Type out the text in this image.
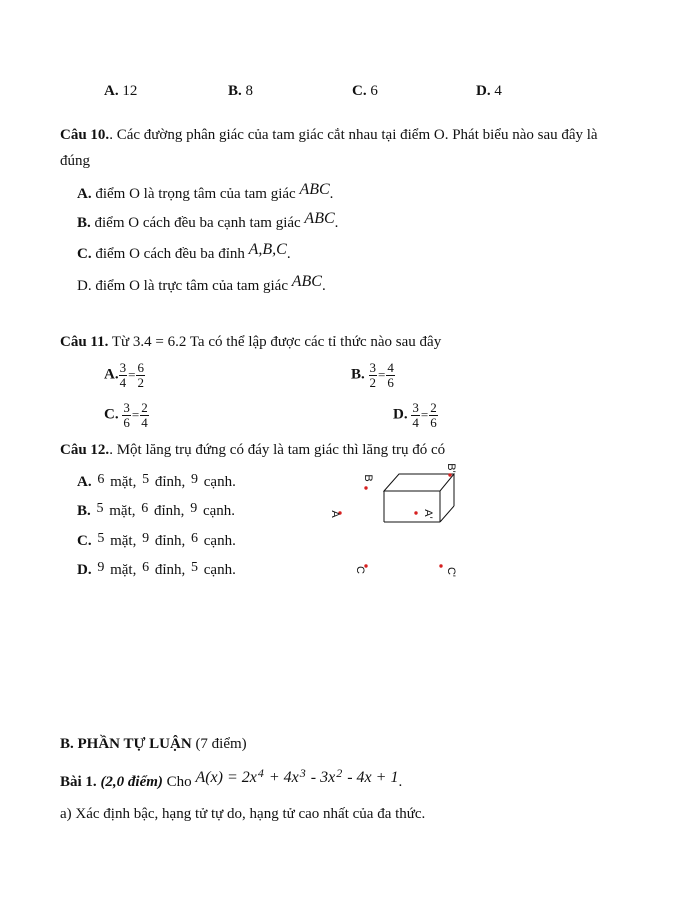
A. 12	B. 8	C. 6	D. 4
Câu 10.. Các đường phân giác của tam giác cắt nhau tại điểm O. Phát biểu nào sau đây là
đúng
A. điểm O là trọng tâm của tam giác ABC.
B. điểm O cách đều ba cạnh tam giác ABC.
C. điểm O cách đều ba đỉnh A,B,C.
D. điểm O là trực tâm của tam giác ABC.
Câu 11. Từ 3.4 = 6.2 Ta có thể lập được các tỉ thức nào sau đây
A. $\frac{3}{4} = \frac{6}{2}$	B. $\frac{3}{2} = \frac{4}{6}$
C. $\frac{3}{6} = \frac{2}{4}$	D. $\frac{3}{4} = \frac{2}{6}$
Câu 12.. Một lăng trụ đứng có đáy là tam giác thì lăng trụ đó có
A. 6 mặt, 5 đỉnh, 9 cạnh.
B. 5 mặt, 6 đỉnh, 9 cạnh.
C. 5 mặt, 9 đỉnh, 6 cạnh.
D. 9 mặt, 6 đỉnh, 5 cạnh.
B
B'
A	A'
C	C'
B. PHẦN TỰ LUẬN (7 điểm)
Bài 1. (2,0 điểm) Cho $A(x) = 2x^4 + 4x^3 - 3x^2 - 4x + 1$.
a) Xác định bậc, hạng tử tự do, hạng tử cao nhất của đa thức.
